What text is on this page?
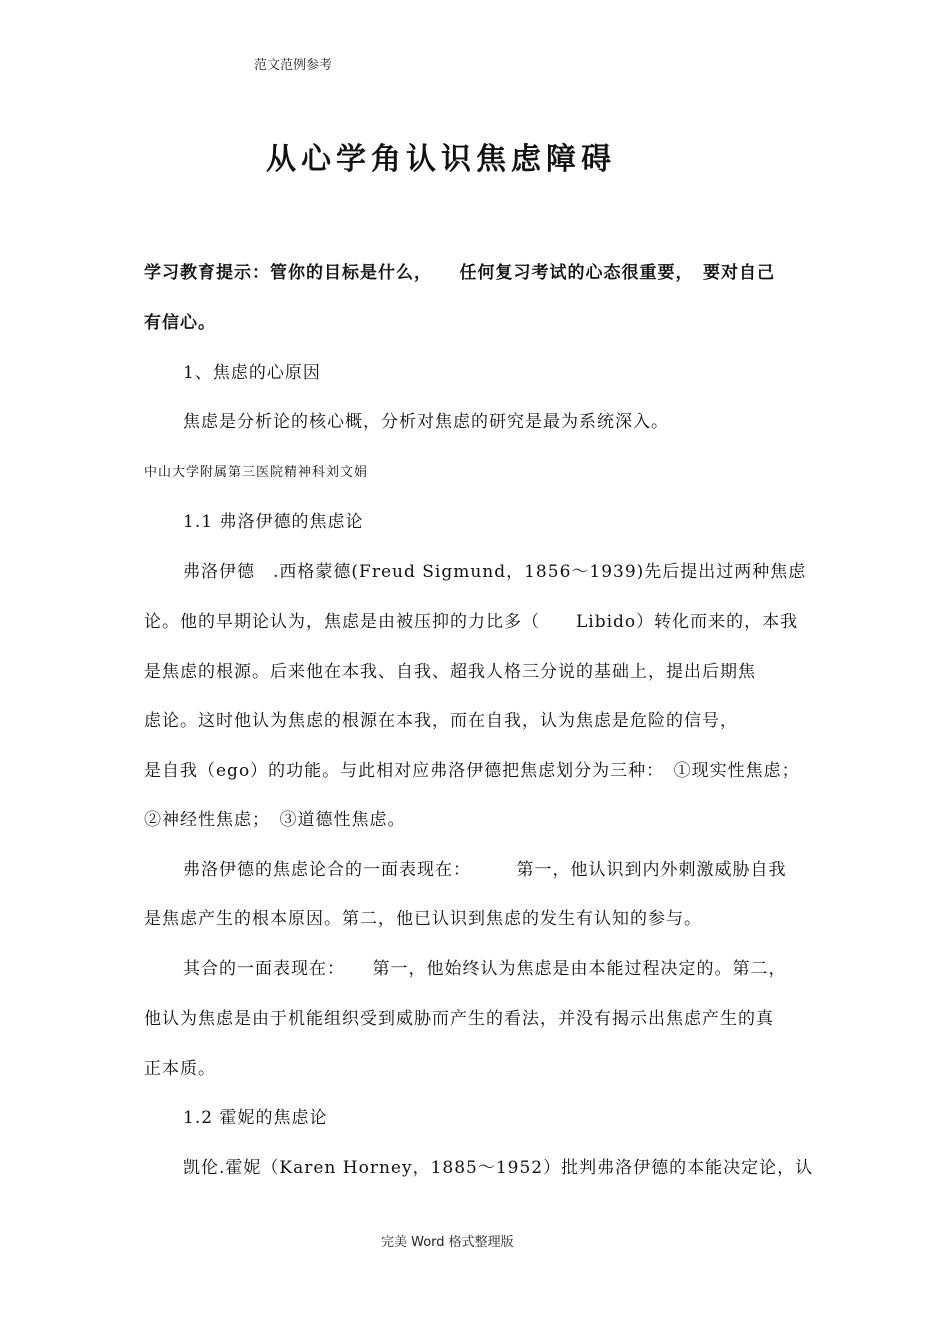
范文范例参考
从心学角认识焦虑障碍
学习教育提示：管你的目标是什么，　　任何复习考试的心态很重要，　要对自己
有信心。
1、焦虑的心原因
焦虑是分析论的核心概，分析对焦虑的研究是最为系统深入。
中山大学附属第三医院精神科刘文娟
1.1 弗洛伊德的焦虑论
弗洛伊德　.西格蒙德(Freud Sigmund，1856～1939)先后提出过两种焦虑
论。他的早期论认为，焦虑是由被压抑的力比多（　　Libido）转化而来的，本我
是焦虑的根源。后来他在本我、自我、超我人格三分说的基础上，提出后期焦
虑论。这时他认为焦虑的根源在本我，而在自我，认为焦虑是危险的信号，
是自我（ego）的功能。与此相对应弗洛伊德把焦虑划分为三种：　①现实性焦虑；
②神经性焦虑；　③道德性焦虑。
弗洛伊德的焦虑论合的一面表现在：　　　第一，他认识到内外刺激威胁自我
是焦虑产生的根本原因。第二，他已认识到焦虑的发生有认知的参与。
其合的一面表现在：　　第一，他始终认为焦虑是由本能过程决定的。第二，
他认为焦虑是由于机能组织受到威胁而产生的看法，并没有揭示出焦虑产生的真
正本质。
1.2 霍妮的焦虑论
凯伦.霍妮（Karen Horney，1885～1952）批判弗洛伊德的本能决定论，认
完美 Word 格式整理版
